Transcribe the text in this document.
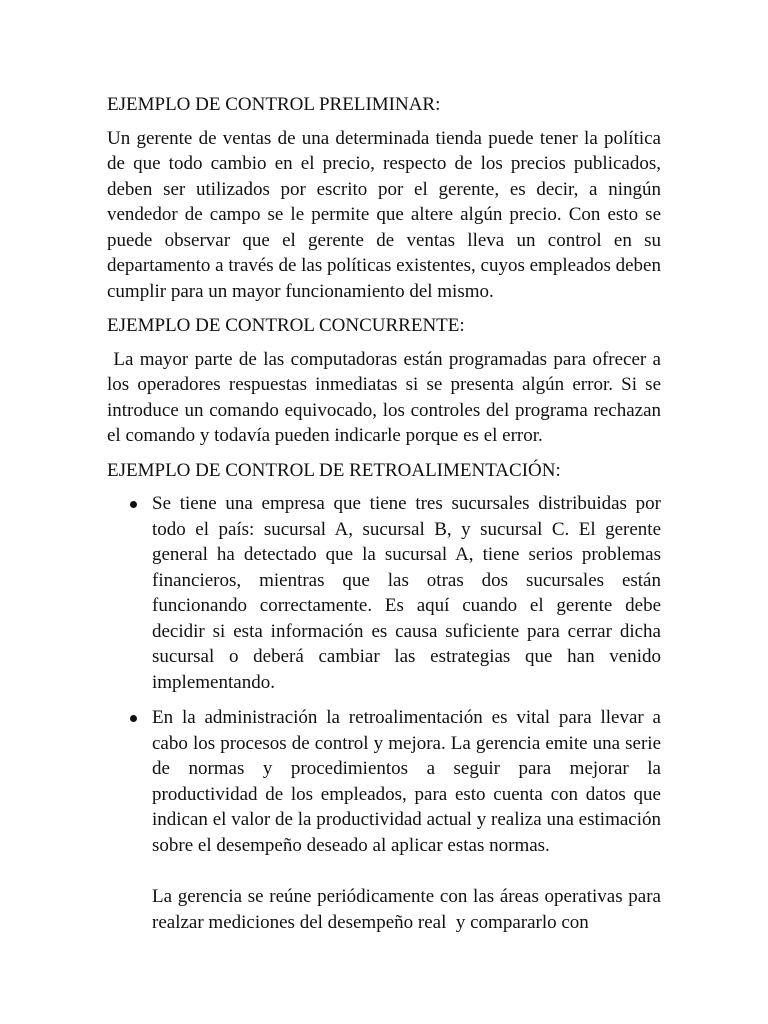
EJEMPLO DE CONTROL PRELIMINAR:

Un gerente de ventas de una determinada tienda puede tener la política de que todo cambio en el precio, respecto de los precios publicados, deben ser utilizados por escrito por el gerente, es decir, a ningún vendedor de campo se le permite que altere algún precio. Con esto se puede observar que el gerente de ventas lleva un control en su departamento a través de las políticas existentes, cuyos empleados deben cumplir para un mayor funcionamiento del mismo.

EJEMPLO DE CONTROL CONCURRENTE:

La mayor parte de las computadoras están programadas para ofrecer a los operadores respuestas inmediatas si se presenta algún error. Si se introduce un comando equivocado, los controles del programa rechazan el comando y todavía pueden indicarle porque es el error.

EJEMPLO DE CONTROL DE RETROALIMENTACIÓN:
Se tiene una empresa que tiene tres sucursales distribuidas por todo el país: sucursal A, sucursal B, y sucursal C. El gerente general ha detectado que la sucursal A, tiene serios problemas financieros, mientras que las otras dos sucursales están funcionando correctamente. Es aquí cuando el gerente debe decidir si esta información es causa suficiente para cerrar dicha sucursal o deberá cambiar las estrategias que han venido implementando.
En la administración la retroalimentación es vital para llevar a cabo los procesos de control y mejora. La gerencia emite una serie de normas y procedimientos a seguir para mejorar la productividad de los empleados, para esto cuenta con datos que indican el valor de la productividad actual y realiza una estimación sobre el desempeño deseado al aplicar estas normas.

La gerencia se reúne periódicamente con las áreas operativas para realzar mediciones del desempeño real  y compararlo con
